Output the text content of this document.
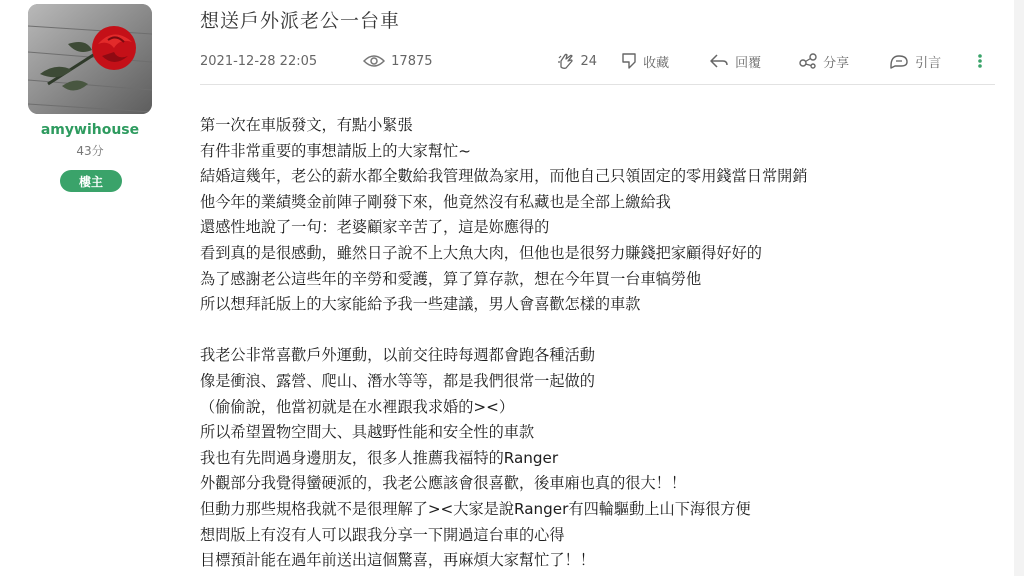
amywihouse
43分
樓主
想送戶外派老公一台車
2021-12-28 22:05	17875	24	收藏	回覆	分享	引言
第一次在車版發文，有點小緊張
有件非常重要的事想請版上的大家幫忙~
結婚這幾年，老公的薪水都全數給我管理做為家用，而他自己只領固定的零用錢當日常開銷
他今年的業績獎金前陣子剛發下來，他竟然沒有私藏也是全部上繳給我
還感性地說了一句：老婆顧家辛苦了，這是妳應得的
看到真的是很感動，雖然日子說不上大魚大肉，但他也是很努力賺錢把家顧得好好的
為了感謝老公這些年的辛勞和愛護，算了算存款，想在今年買一台車犒勞他
所以想拜託版上的大家能給予我一些建議，男人會喜歡怎樣的車款
我老公非常喜歡戶外運動，以前交往時每週都會跑各種活動
像是衝浪、露營、爬山、潛水等等，都是我們很常一起做的
（偷偷說，他當初就是在水裡跟我求婚的><）
所以希望置物空間大、具越野性能和安全性的車款
我也有先問過身邊朋友，很多人推薦我福特的Ranger
外觀部分我覺得蠻硬派的，我老公應該會很喜歡，後車廂也真的很大！！
但動力那些規格我就不是很理解了><大家是說Ranger有四輪驅動上山下海很方便
想問版上有沒有人可以跟我分享一下開過這台車的心得
目標預計能在過年前送出這個驚喜，再麻煩大家幫忙了！！
